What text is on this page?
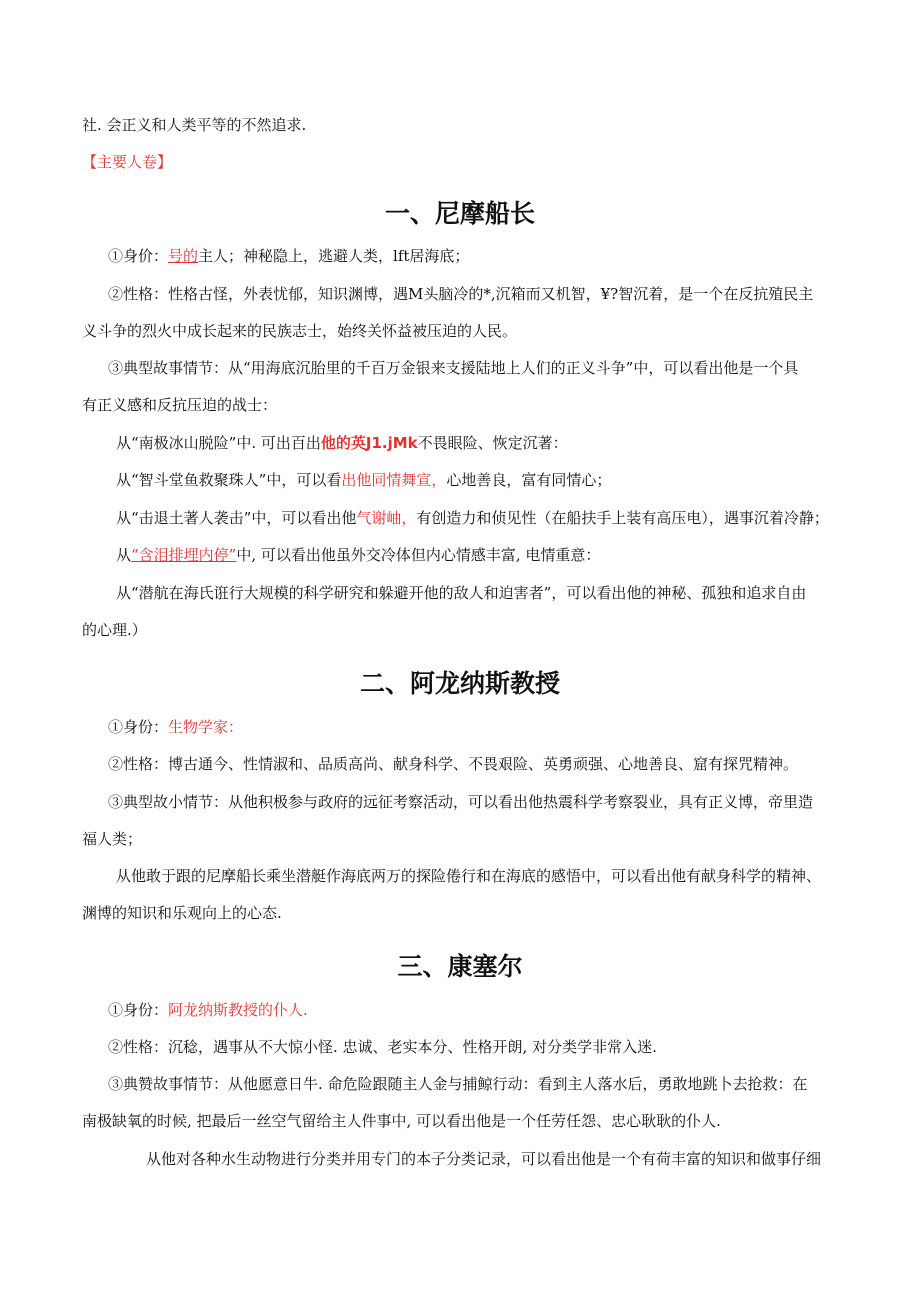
社. 会正义和人类平等的不然追求.
【主要人卷】
一、尼摩船长
①身价：号的主人；神秘隐上，逃避人类，lft居海底；
②性格：性格古怪，外表忧郁，知识渊博，遇M头脑冷的*,沉箱而又机智，¥?智沉着，是一个在反抗殖民主
义斗争的烈火中成长起来的民族志士，始终关怀益被压迫的人民。
③典型故事情节：从“用海底沉胎里的千百万金银来支援陆地上人们的正义斗争”中，可以看出他是一个具
有正义感和反抗压迫的战士：
从“南极冰山脱险”中. 可出百出他的英J1.jMk不畏眼险、恢定沉著：
从“智斗堂鱼救聚珠人”中，可以看出他同情舞宣，心地善良，富有同情心；
从“击退土著人袭击”中，可以看出他气谢岫，有创造力和侦见性（在船扶手上装有高压电），遇事沉着冷静；
从“含泪排埋内停”中, 可以看出他虽外交冷体但内心情感丰富, 电情重意：
从“潜航在海氏诳行大规模的科学研究和躲避开他的敌人和迫害者”，可以看出他的神秘、孤独和追求自由
的心理.）
二、阿龙纳斯教授
①身份：生物学家：
②性格：博古通今、性情淑和、品质高尚、献身科学、不畏艰险、英勇顽强、心地善良、窟有探咒精神。
③典型故小情节：从他积极参与政府的远征考察活动，可以看出他热震科学考察裂业，具有正义博，帝里造
福人类；
从他敢于跟的尼摩船长乘坐潜艇作海底两万的探险倦行和在海底的感悟中，可以看出他有献身科学的精神、
渊博的知识和乐观向上的心态.
三、康塞尔
①身份：阿龙纳斯教授的仆人.
②性格：沉稔，遇事从不大惊小怪. 忠诚、老实本分、性格开朗, 对分类学非常入迷.
③典赞故事情节：从他愿意日牛. 命危险跟随主人金与捕鲸行动：看到主人落水后，勇敢地跳卜去抢救：在
南极缺氧的时候, 把最后一丝空气留给主人件事中, 可以看出他是一个任劳任怨、忠心耿耿的仆人.
从他对各种水生动物进行分类并用专门的本子分类记录，可以看出他是一个有荷丰富的知识和做事仔细
